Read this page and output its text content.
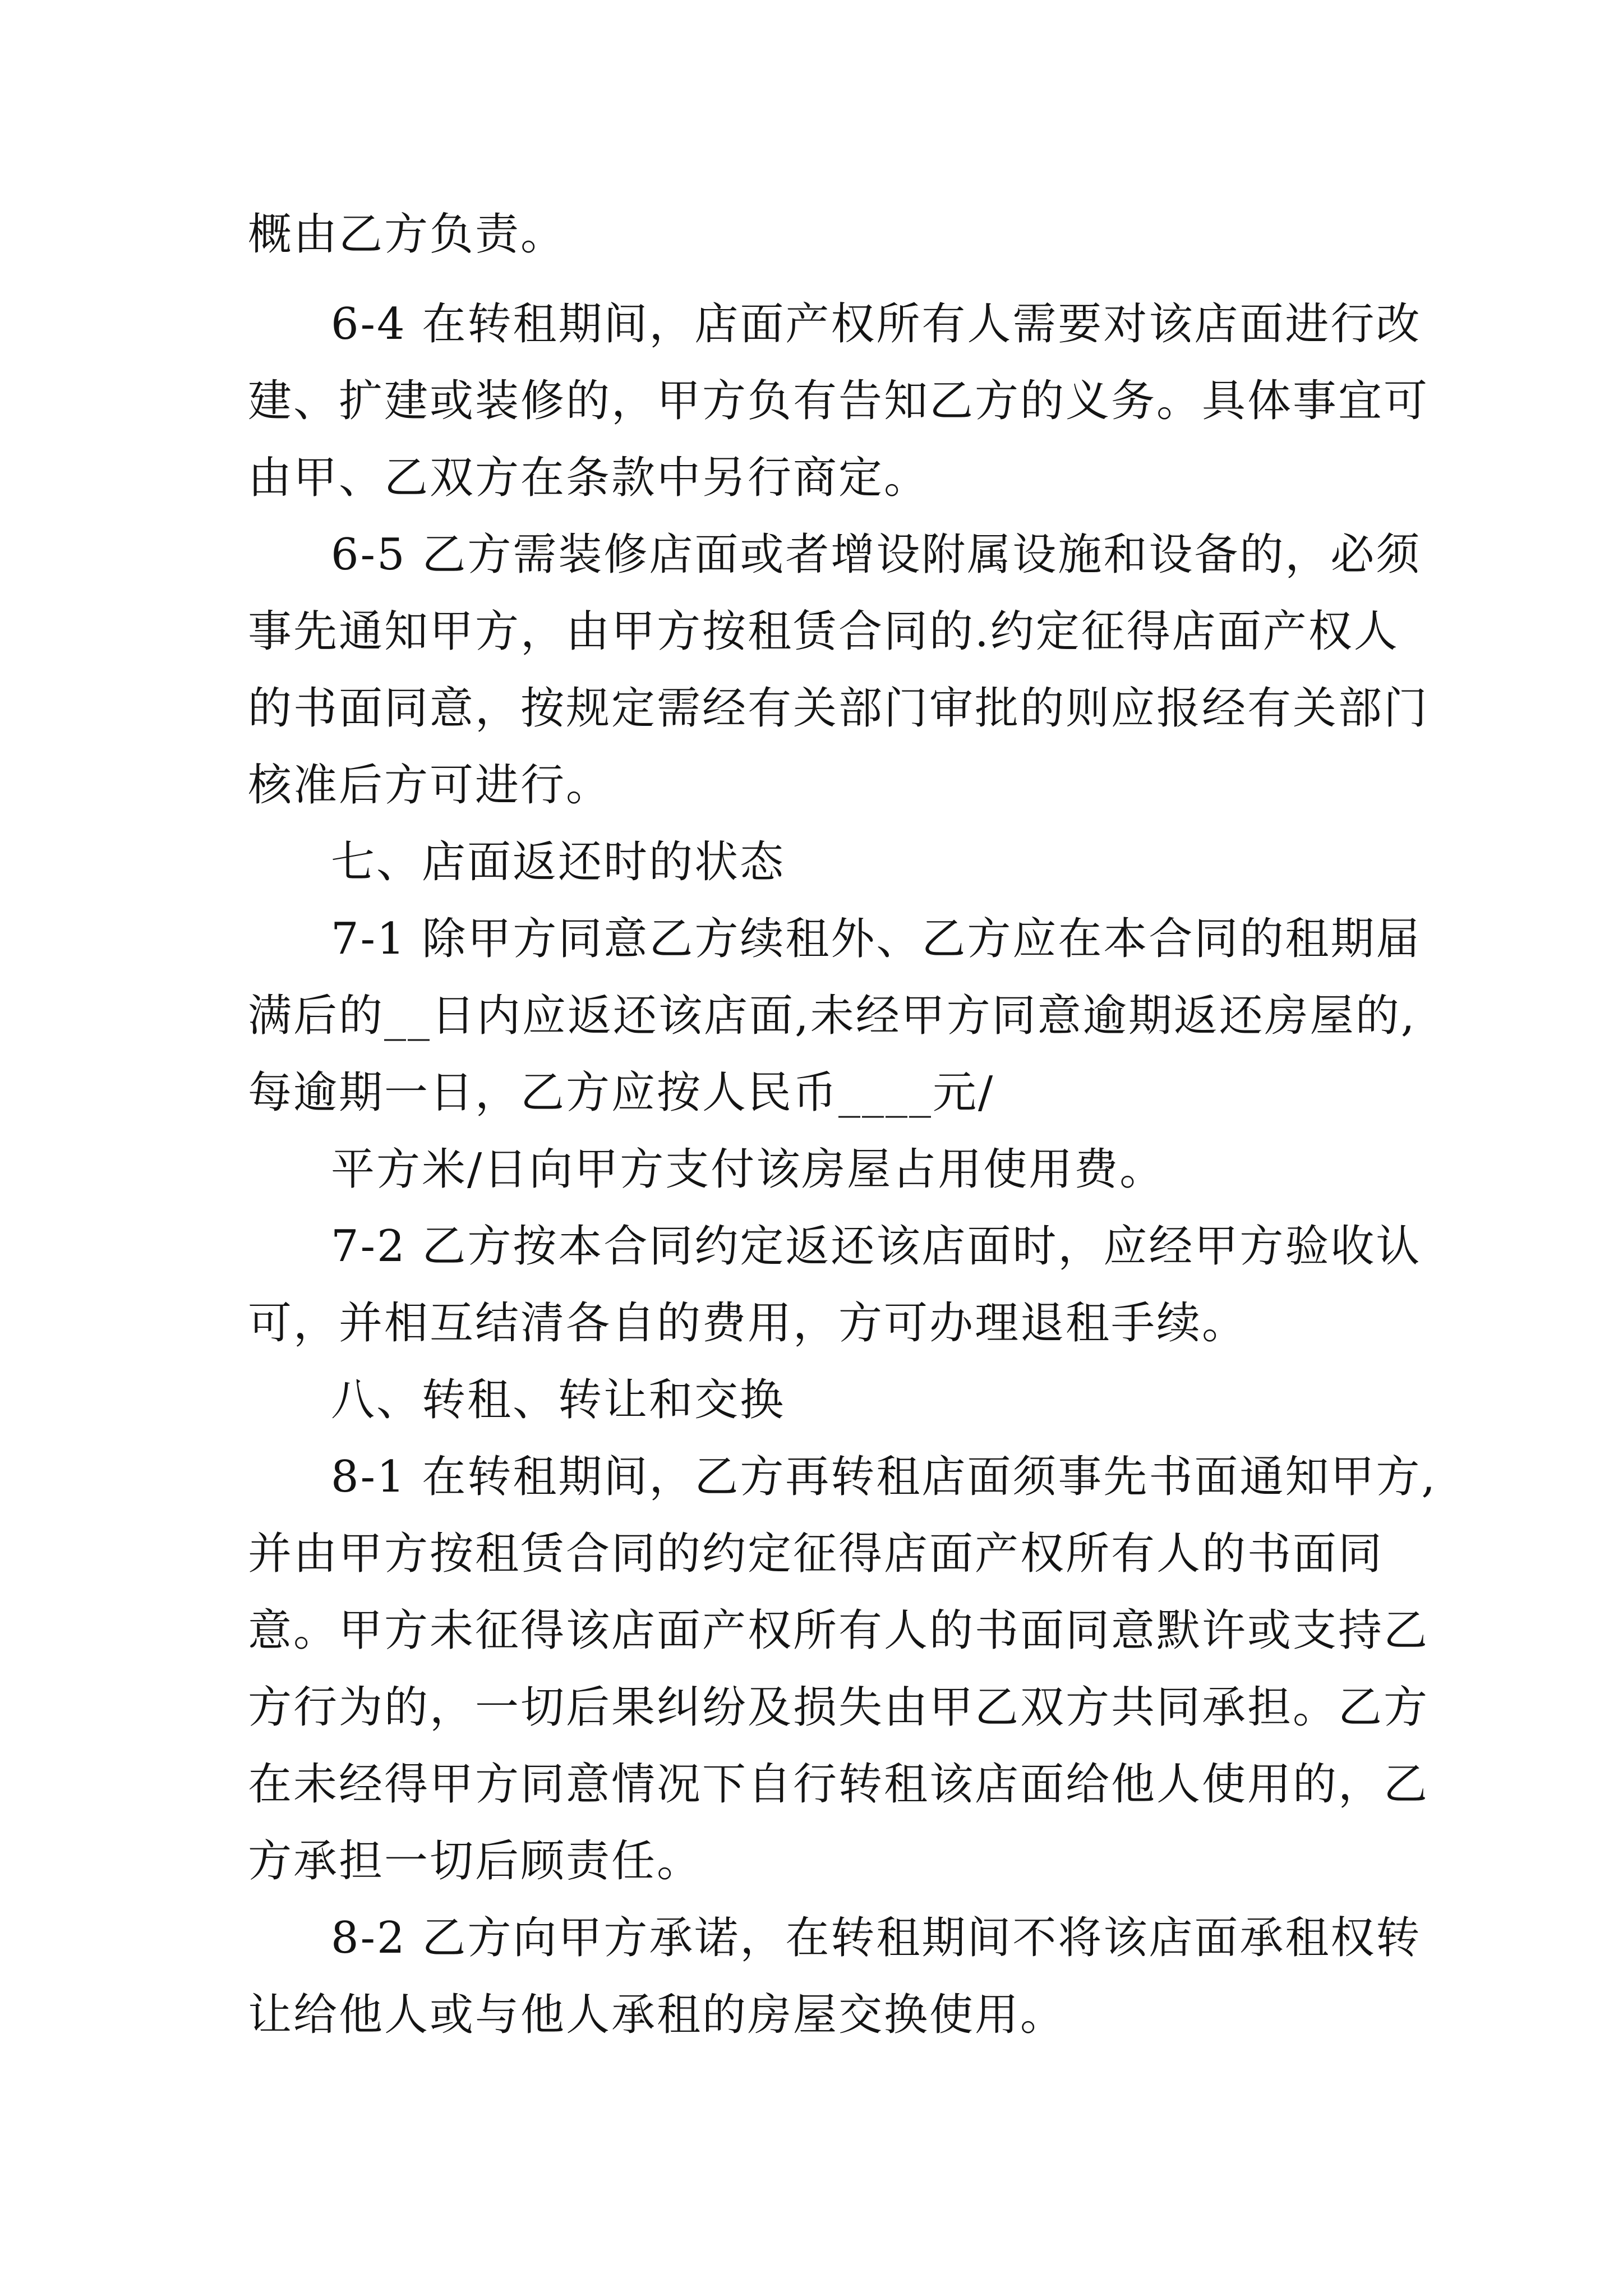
概由乙方负责。
6-4 在转租期间，店面产权所有人需要对该店面进行改
建、扩建或装修的，甲方负有告知乙方的义务。具体事宜可
由甲、乙双方在条款中另行商定。
6-5 乙方需装修店面或者增设附属设施和设备的，必须
事先通知甲方，由甲方按租赁合同的.约定征得店面产权人
的书面同意，按规定需经有关部门审批的则应报经有关部门
核准后方可进行。
七、店面返还时的状态
7-1 除甲方同意乙方续租外、乙方应在本合同的租期届
满后的__日内应返还该店面,未经甲方同意逾期返还房屋的,
每逾期一日，乙方应按人民币____元/
平方米/日向甲方支付该房屋占用使用费。
7-2 乙方按本合同约定返还该店面时，应经甲方验收认
可，并相互结清各自的费用，方可办理退租手续。
八、转租、转让和交换
8-1 在转租期间，乙方再转租店面须事先书面通知甲方,
并由甲方按租赁合同的约定征得店面产权所有人的书面同
意。甲方未征得该店面产权所有人的书面同意默许或支持乙
方行为的，一切后果纠纷及损失由甲乙双方共同承担。乙方
在未经得甲方同意情况下自行转租该店面给他人使用的，乙
方承担一切后顾责任。
8-2 乙方向甲方承诺，在转租期间不将该店面承租权转
让给他人或与他人承租的房屋交换使用。
